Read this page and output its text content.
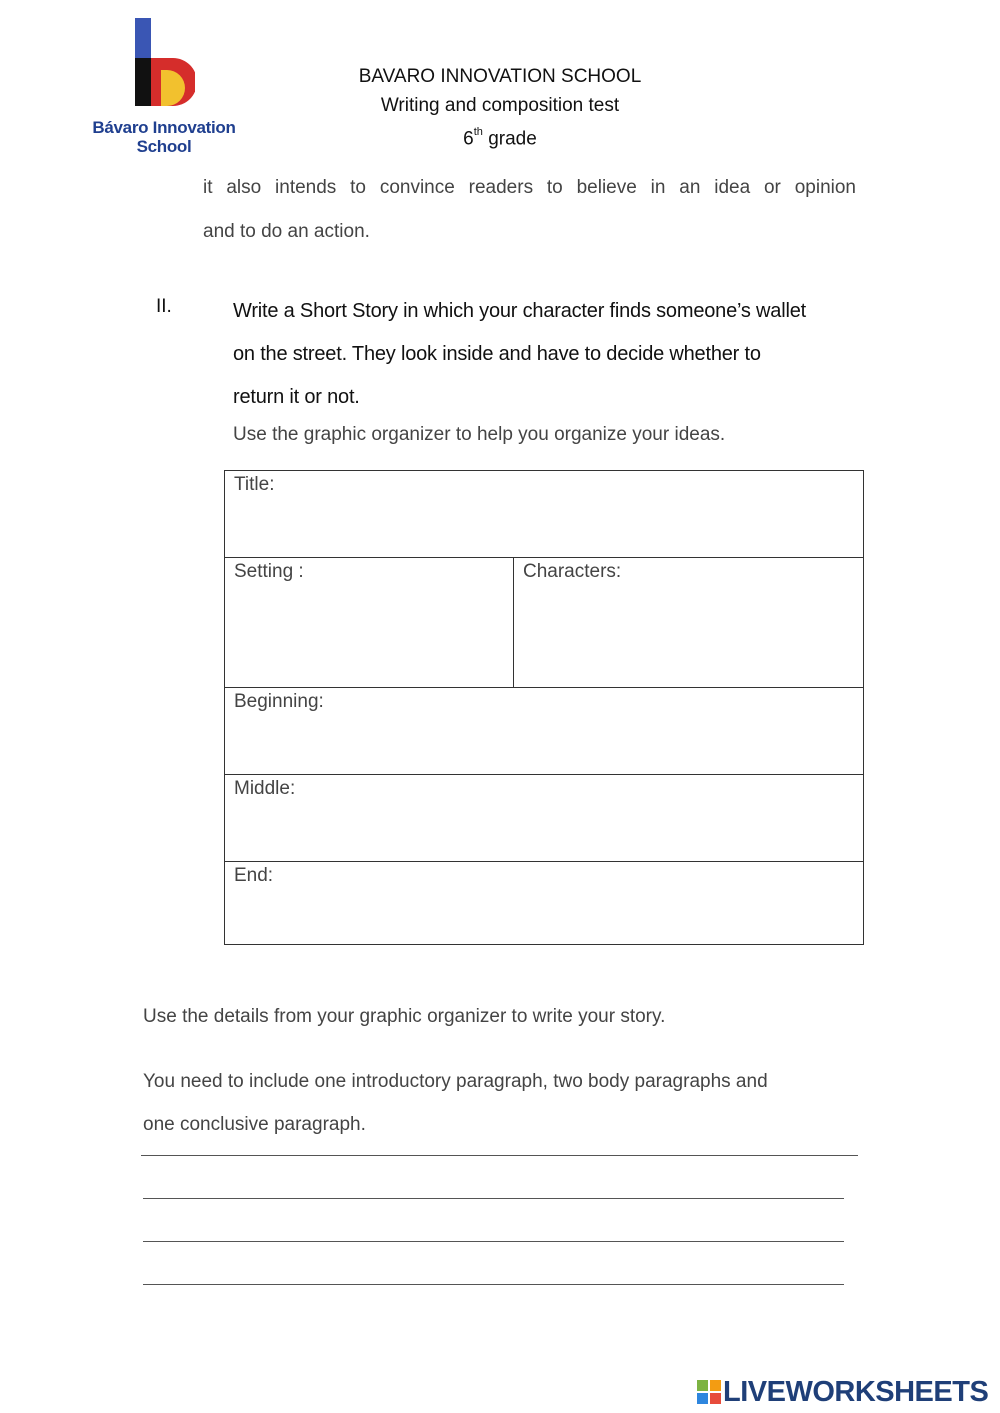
Bávaro Innovation
School
BAVARO INNOVATION SCHOOL
Writing and composition test
6th grade
it also intends to convince readers to believe in an idea or opinion
and to do an action.
II.	Write a Short Story in which your character finds someone’s wallet
on the street. They look inside and have to decide whether to
return it or not.
Use the graphic organizer to help you organize your ideas.
Title:
Setting :	Characters:
Beginning:
Middle:
End:
Use the details from your graphic organizer to write your story.
You need to include one introductory paragraph, two body paragraphs and
one conclusive paragraph.
LIVEWORKSHEETS
